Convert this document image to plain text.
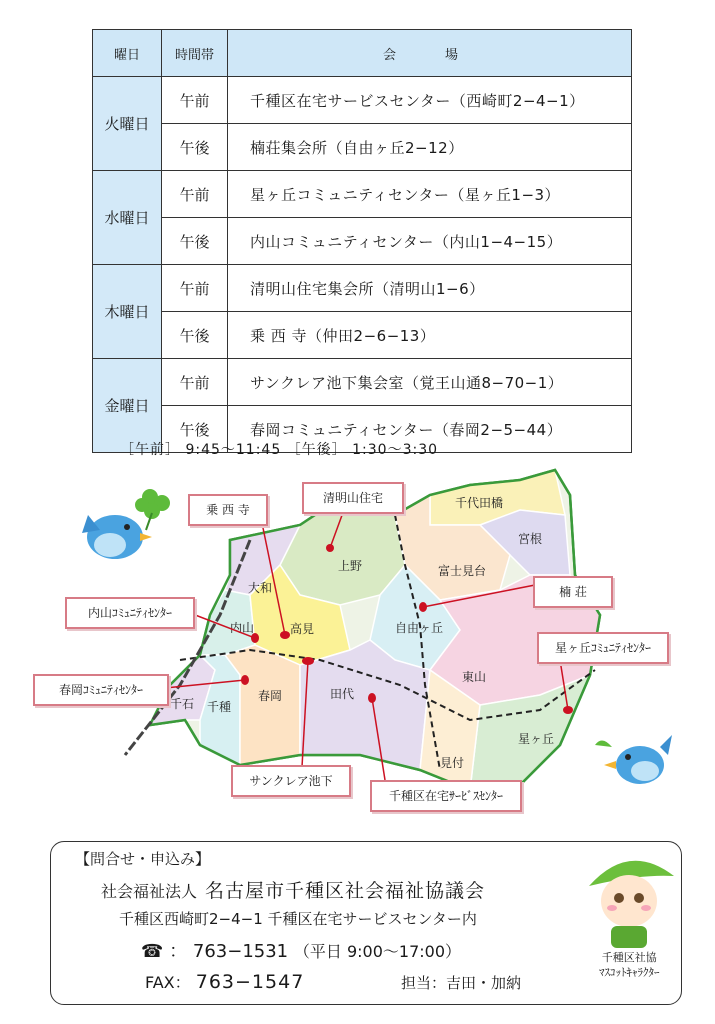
曜日	時間帯	会　場
火曜日	午前	千種区在宅サービスセンター（西崎町2−4−1）
	午後	楠荘集会所（自由ヶ丘2−12）
水曜日	午前	星ヶ丘コミュニティセンター（星ヶ丘1−3）
	午後	内山コミュニティセンター（内山1−4−15）
木曜日	午前	清明山住宅集会所（清明山1−6）
	午後	乗 西 寺（仲田2−6−13）
金曜日	午前	サンクレア池下集会室（覚王山通8−70−1）
	午後	春岡コミュニティセンター（春岡2−5−44）
［午前］ 9:45〜11:45 ［午後］ 1:30〜3:30
千代田橋
宮根
上野	富士見台
大和
内山	高見	自由ヶ丘
東山
千石 千種
春岡	田代
星ヶ丘
見付
乗 西 寺
清明山住宅
内山ｺﾐｭﾆﾃｨｾﾝﾀｰ
楠 荘
星ヶ丘ｺﾐｭﾆﾃｨｾﾝﾀｰ
春岡ｺﾐｭﾆﾃｨｾﾝﾀｰ
サンクレア池下
千種区在宅ｻｰﾋﾞｽｾﾝﾀｰ
【問合せ・申込み】
社会福祉法人 名古屋市千種区社会福祉協議会
千種区西崎町2−4−1 千種区在宅サービスセンター内
☎ ： 763−1531 （平日 9:00〜17:00）
FAX： 763−1547	担当：吉田・加納
千種区社協
ﾏｽｺｯﾄｷｬﾗｸﾀｰ
